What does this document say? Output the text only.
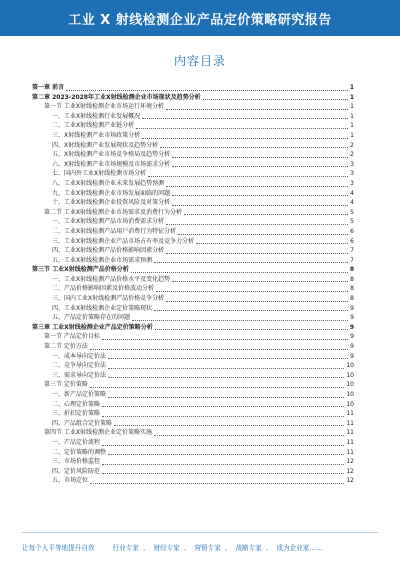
工业 X 射线检测企业产品定价策略研究报告
内容目录
第一章 前言	1
第二章 2023-2028年工业X射线检测企业市场现状及趋势分析	1
第一节 工业X射线检测企业市场运行环境分析	1
一、工业X射线检测行业发展概况	1
二、工业X射线检测产业链分析	1
三、X射线检测产业市场政策分析	1
四、X射线检测产业发展现状及趋势分析	2
五、X射线检测产业市场竞争格局及趋势分析	2
六、X射线检测产业市场规模及市场需求分析	3
七、国内外工业X射线检测市场分析	3
八、工业X射线检测企业未来发展趋势预测	3
九、工业X射线检测企业市场发展面临的问题	4
十、工业X射线检测企业投资风险及对策分析	4
第二节 工业X射线检测企业市场需求及消费行为分析	5
一、工业X射线检测产品市场消费需求分析	5
二、工业X射线检测产品用户消费行为特征分析	6
三、工业X射线检测企业产品市场占有率及竞争力分析	6
四、工业X射线检测产品价格影响因素分析	7
五、工业X射线检测企业市场需求预测	7
第三节 工业X射线检测产品价格分析	8
一、工业X射线检测产品价格水平及变化趋势	8
二、产品价格影响因素及价格波动分析	8
三、国内工业X射线检测产品价格竞争分析	8
四、工业X射线检测企业定价策略现状	9
五、产品定价策略存在的问题	9
第三章 工业X射线检测企业产品定价策略分析	9
第一节 产品定价目标	9
第二节 定价方法	9
一、成本导向定价法	9
二、竞争导向定价法	10
三、需求导向定价法	10
第三节 定价策略	10
一、新产品定价策略	10
二、心理定价策略	10
三、折扣定价策略	11
四、产品组合定价策略	11
第四节 工业X射线检测企业定价策略实施	11
一、产品定价流程	11
二、定价策略的调整	11
三、市场价格监控	12
四、定价风险防范	12
五、市场定位	12
让每个人平等地提升自我	行业专家 、 财经专家 、 营销专家 、 战略专家 、 成为企业家……
